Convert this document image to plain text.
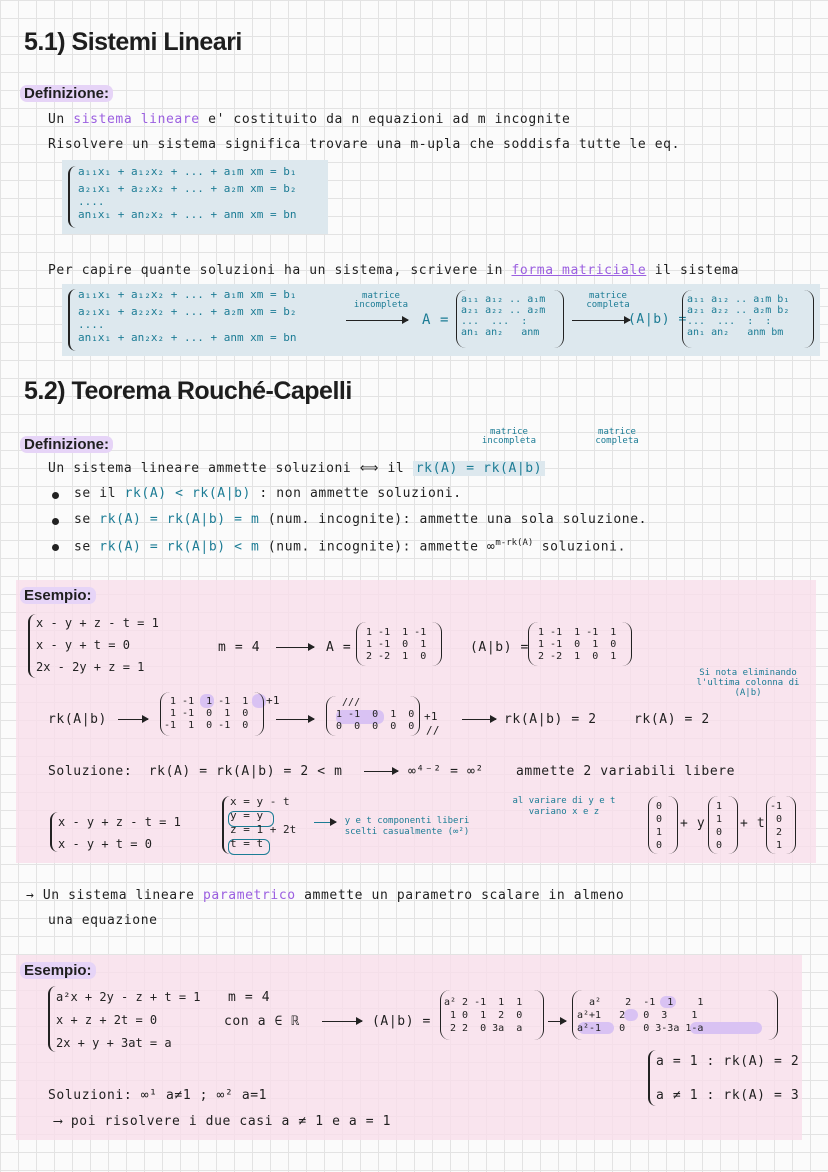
5.1) Sistemi Lineari
Definizione:
Un sistema lineare e' costituito da n equazioni ad m incognite
Risolvere un sistema significa trovare una m-upla che soddisfa tutte le eq.
a₁₁x₁ + a₁₂x₂ + ... + a₁m xm = b₁
a₂₁x₁ + a₂₂x₂ + ... + a₂m xm = b₂
....
an₁x₁ + an₂x₂ + ... + anm xm = bn
Per capire quante soluzioni ha un sistema, scrivere in forma matriciale il sistema
a₁₁x₁ + a₁₂x₂ + ... + a₁m xm = b₁
a₂₁x₁ + a₂₂x₂ + ... + a₂m xm = b₂
....
an₁x₁ + an₂x₂ + ... + anm xm = bn
matrice incompleta
A =
a₁₁ a₁₂ .. a₁m
a₂₁ a₂₂ .. a₂m
...  ...  :
an₁ an₂   anm
matrice completa
(A|b) =
a₁₁ a₁₂ .. a₁m b₁
a₂₁ a₂₂ .. a₂m b₂
...  ...  :  :
an₁ an₂   anm bm
5.2) Teorema Rouché-Capelli
matrice incompleta
matrice completa
Definizione:
Un sistema lineare ammette soluzioni ⟺ il rk(A) = rk(A|b)
se il rk(A) < rk(A|b) : non ammette soluzioni.
se rk(A) = rk(A|b) = m (num. incognite): ammette una sola soluzione.
se rk(A) = rk(A|b) < m (num. incognite): ammette ∞$^{m-rk(A)}$ soluzioni.
Esempio:
x - y + z - t = 1
x - y + t = 0
2x - 2y + z = 1
m = 4	A =
1 -1  1 -1
1 -1  0  1
2 -2  1  0
(A|b) =
1 -1  1 -1  1
1 -1  0  1  0
2 -2  1  0  1
Si nota eliminando l'ultima colonna di (A|b)
rk(A|b)
1 -1  1 -1  1
1 -1  0  1  0
-1  1  0 -1  0
+1	///
1 -1  0  1  0
0  0  0  0  0
+1
//
rk(A|b) = 2	rk(A) = 2
Soluzione: rk(A) = rk(A|b) = 2 < m	∞⁴⁻² = ∞² ammette 2 variabili libere
x - y + z - t = 1
x - y + t = 0
x = y - t
y = y
z = 1 + 2t
t = t
y e t componenti liberi scelti casualmente (∞²)
al variare di y e t variano x e z	0
0
1
0
+ y
1
1
0
0
+ t
-1
0
2
1
→ Un sistema lineare parametrico ammette un parametro scalare in almeno
una equazione
Esempio:
a²x + 2y - z + t = 1
x + z + 2t = 0
2x + y + 3at = a
m = 4
con a ∈ ℝ	(A|b) =
a² 2 -1  1  1
1 0  1  2  0
2 2  0 3a  a
a²    2  -1  1    1
a²+1   2   0  3    1
a²-1   0   0 3-3a 1-a
a = 1 : rk(A) = 2
a ≠ 1 : rk(A) = 3
Soluzioni: ∞¹ a≠1 ; ∞² a=1
⟶ poi risolvere i due casi a ≠ 1 e a = 1
